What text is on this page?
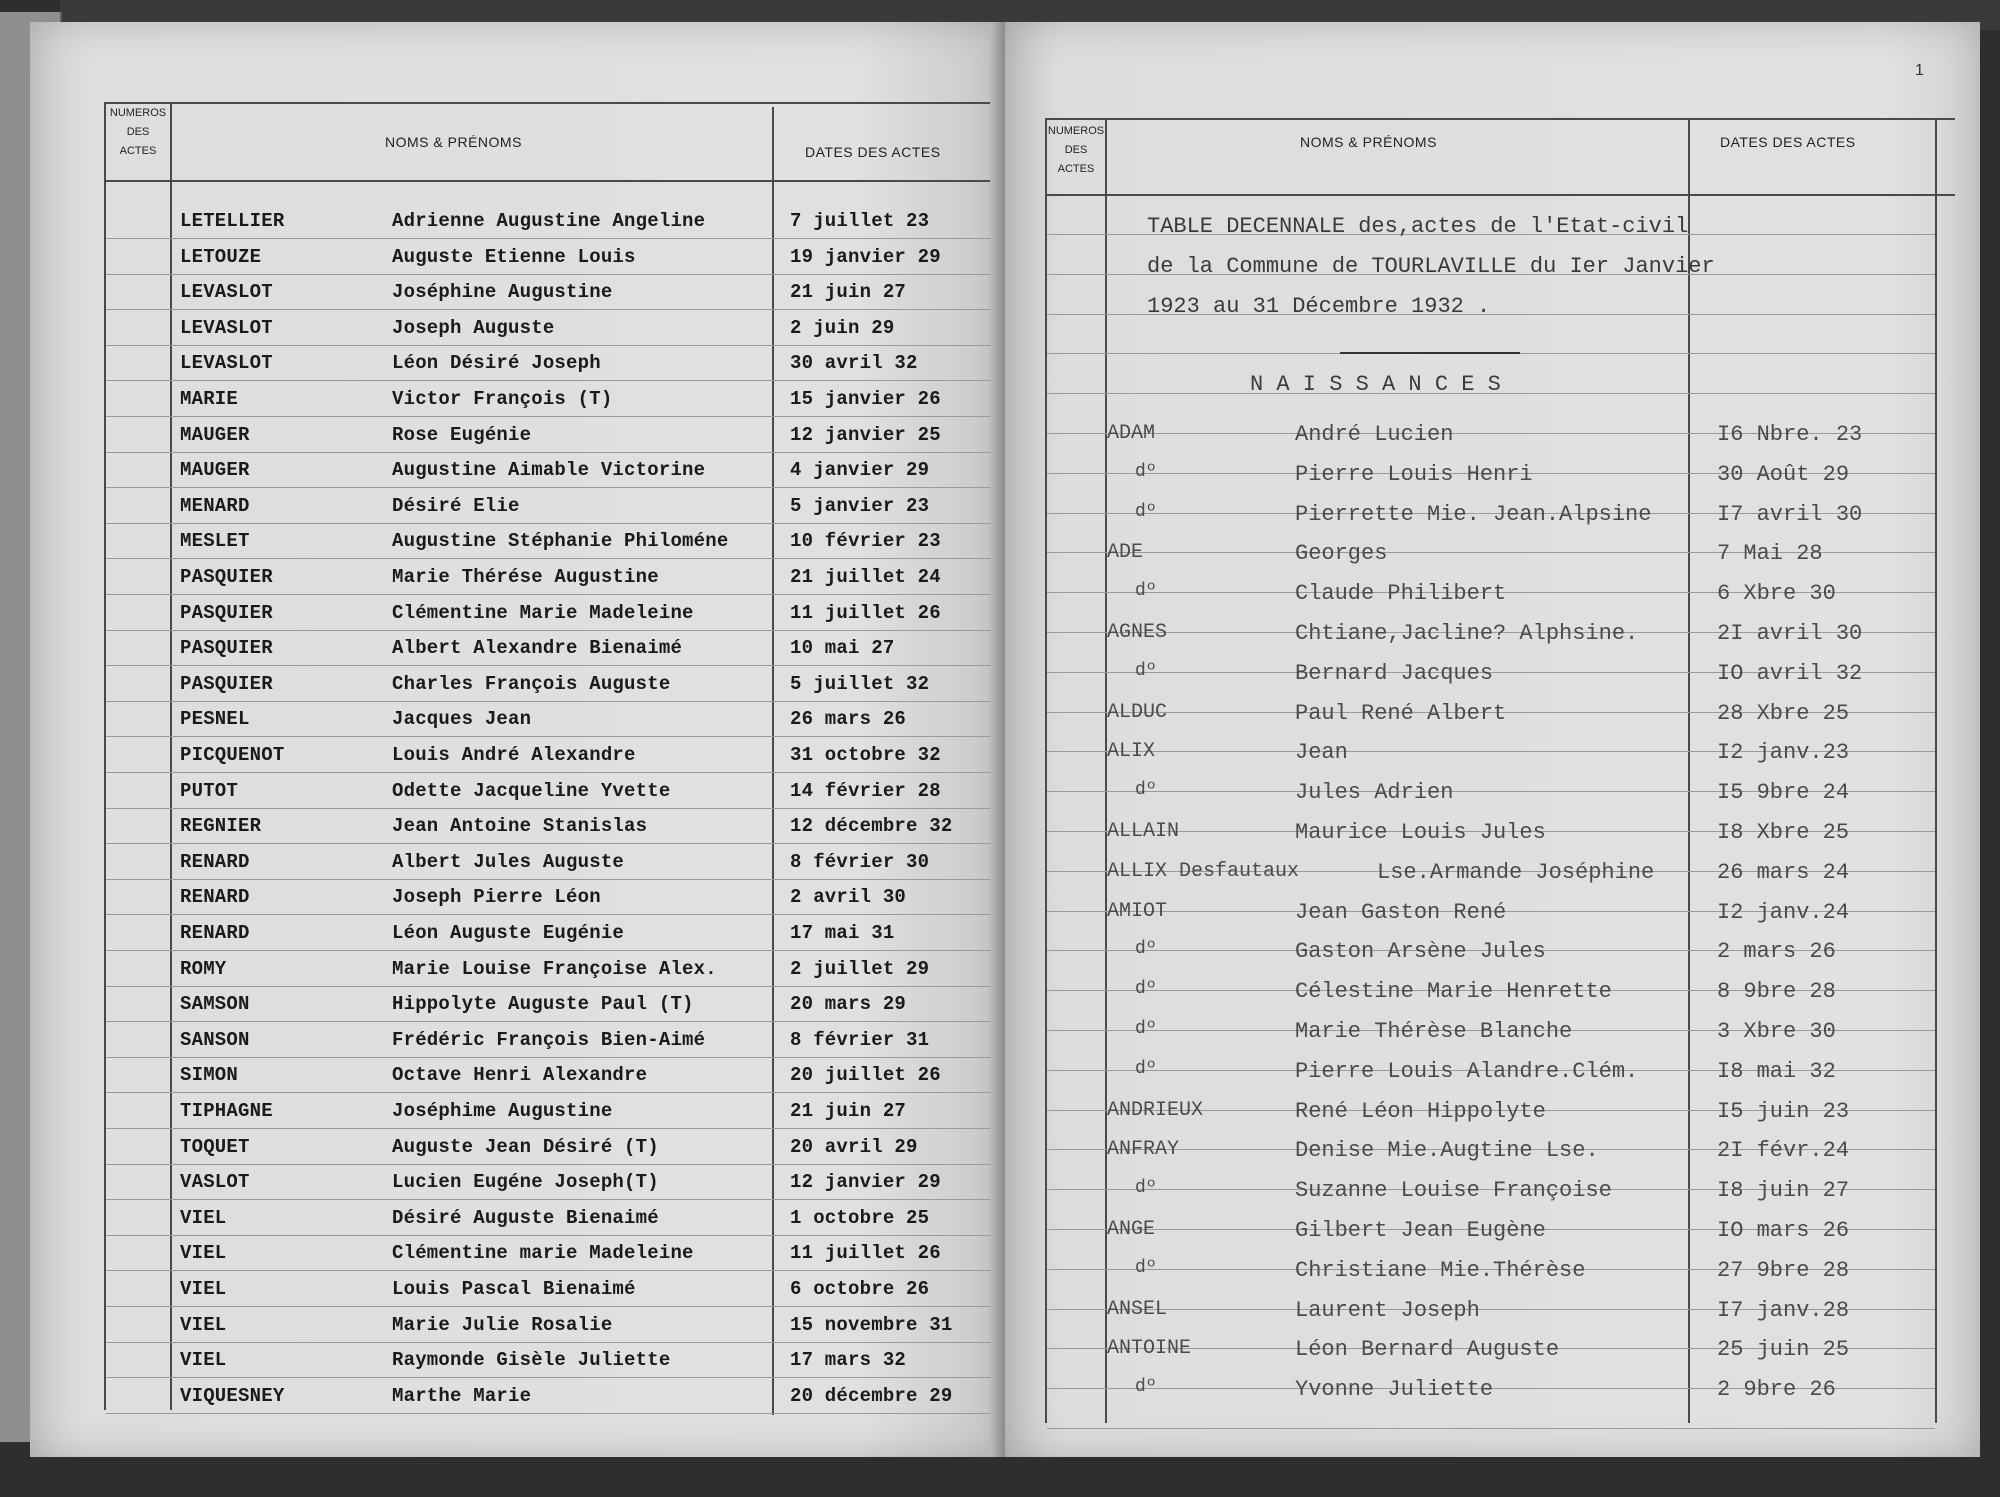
NUMEROS
DES
ACTES
NOMS & PRÉNOMS
DATES DES ACTES
LETELLIER	Adrienne Augustine Angeline	7 juillet 23
LETOUZE	Auguste Etienne Louis	19 janvier 29
LEVASLOT	Joséphine Augustine	21 juin 27
LEVASLOT	Joseph Auguste	2 juin 29
LEVASLOT	Léon Désiré Joseph	30 avril 32
MARIE	Victor François (T)	15 janvier 26
MAUGER	Rose Eugénie	12 janvier 25
MAUGER	Augustine Aimable Victorine	4 janvier 29
MENARD	Désiré Elie	5 janvier 23
MESLET	Augustine Stéphanie Philoméne	10 février 23
PASQUIER	Marie Thérése Augustine	21 juillet 24
PASQUIER	Clémentine Marie Madeleine	11 juillet 26
PASQUIER	Albert Alexandre Bienaimé	10 mai 27
PASQUIER	Charles François Auguste	5 juillet 32
PESNEL	Jacques Jean	26 mars 26
PICQUENOT	Louis André Alexandre	31 octobre 32
PUTOT	Odette Jacqueline Yvette	14 février 28
REGNIER	Jean Antoine Stanislas	12 décembre 32
RENARD	Albert Jules Auguste	8 février 30
RENARD	Joseph Pierre Léon	2 avril 30
RENARD	Léon Auguste Eugénie	17 mai 31
ROMY	Marie Louise Françoise Alex.	2 juillet 29
SAMSON	Hippolyte Auguste Paul (T)	20 mars 29
SANSON	Frédéric François Bien-Aimé	8 février 31
SIMON	Octave Henri Alexandre	20 juillet 26
TIPHAGNE	Joséphime Augustine	21 juin 27
TOQUET	Auguste Jean Désiré (T)	20 avril 29
VASLOT	Lucien Eugéne Joseph(T)	12 janvier 29
VIEL	Désiré Auguste Bienaimé	1 octobre 25
VIEL	Clémentine marie Madeleine	11 juillet 26
VIEL	Louis Pascal Bienaimé	6 octobre 26
VIEL	Marie Julie Rosalie	15 novembre 31
VIEL	Raymonde Gisèle Juliette	17 mars 32
VIQUESNEY	Marthe Marie	20 décembre 29
1
NUMEROS
DES
ACTES
NOMS & PRÉNOMS	DATES DES ACTES
TABLE DECENNALE des,actes de l'Etat-civil
de la Commune de TOURLAVILLE du Ier Janvier
1923 au 31 Décembre 1932 .
N A I S S A N C E S
ADAM	André Lucien	I6 Nbre. 23
dº	Pierre Louis Henri	30 Août 29
dº	Pierrette Mie. Jean.Alpsine	I7 avril 30
ADE	Georges	7 Mai 28
dº	Claude Philibert	6 Xbre 30
AGNES	Chtiane,Jacline? Alphsine.	2I avril 30
dº	Bernard Jacques	IO avril 32
ALDUC	Paul René Albert	28 Xbre 25
ALIX	Jean	I2 janv.23
dº	Jules Adrien	I5 9bre 24
ALLAIN	Maurice Louis Jules	I8 Xbre 25
ALLIX Desfautaux	Lse.Armande Joséphine	26 mars 24
AMIOT	Jean Gaston René	I2 janv.24
dº	Gaston Arsène Jules	2 mars 26
dº	Célestine Marie Henrette	8 9bre 28
dº	Marie Thérèse Blanche	3 Xbre 30
dº	Pierre Louis Alandre.Clém.	I8 mai 32
ANDRIEUX	René Léon Hippolyte	I5 juin 23
ANFRAY	Denise Mie.Augtine Lse.	2I févr.24
dº	Suzanne Louise Françoise	I8 juin 27
ANGE	Gilbert Jean Eugène	IO mars 26
dº	Christiane Mie.Thérèse	27 9bre 28
ANSEL	Laurent Joseph	I7 janv.28
ANTOINE	Léon Bernard Auguste	25 juin 25
dº	Yvonne Juliette	2 9bre 26
